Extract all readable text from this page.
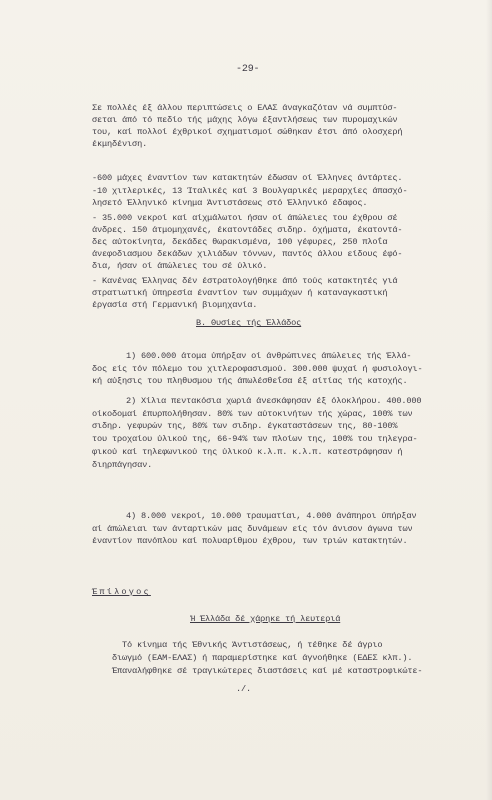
-29-
Σε πολλές έξ άλλου περιπτώσεις ο ΕΛΑΣ άναγκαζόταν νά συμπτύσ-
σεται άπό τό πεδίο τής μάχης λόγω έξαντλήσεως των πυρομαχικών
του, καί πολλοί έχθρικοί σχηματισμοί σώθηκαν έτσι άπό ολοσχερή
έκμηδένιση.
-600 μάχες έναντίον των κατακτητών έδωσαν οί Έλληνες άντάρτες.
-10 χιτλερικές, 13 Ίταλικές καί 3 Βουλγαρικές μεραρχίες άπασχό-
λησετό Έλληνικό κίνημα Άντιστάσεως στό Έλληνικό έδαφος.
- 35.000 νεκροί καί αίχμάλωτοι ήσαν οί άπώλειες του έχθρου σέ
άνδρες. 150 άτμομηχανές, έκατοντάδες σιδηρ. όχήματα, έκατοντά-
δες αύτοκίνητα, δεκάδες θωρακισμένα, 100 γέφυρες, 250 πλοΐα
άνεφοδιασμου δεκάδων χιλιάδων τόννων, παντός άλλου είδους έφό-
δια, ήσαν οί άπώλειες του σέ ύλικό.
- Κανένας Έλληνας δέν έστρατολογήθηκε άπό τούς κατακτητές γιά
στρατιωτική ύπηρεσία έναντίον των συμμάχων ή καταναγκαστική
έργασία στή Γερμανική βιομηχανία.
Β. Θυσίες τής Έλλάδος
1) 600.000 άτομα ύπήρξαν οί άνθρώπινες άπώλειες τής Έλλά-
δος είς τόν πόλεμο του χιτλεροφασισμού. 300.000 ψυχαί ή φυσιολογι-
κή αύξησις του πληθυσμου τής άπωλέσθεΐσα έξ αίτίας τής κατοχής.
2) Χίλια πεντακόσια χωριά άνεσκάφησαν έξ όλοκλήρου. 400.000
οίκοδομαί έπυρπολήθησαν. 80% των αύτοκινήτων τής χώρας, 100% των
σιδηρ. γεφυρών της, 80% των σιδηρ. έγκαταστάσεων της, 80-100%
του τροχαίου ύλικού της, 66-94% των πλοίων της, 100% του τηλεγρα-
φικού καί τηλεφωνικού της ύλικού κ.λ.π. κ.λ.π. κατεστράφησαν ή
διηρπάγησαν.
4) 8.000 νεκροί, 10.000 τραυματίαι, 4.000 άνάπηροι ύπήρξαν
αί άπώλειαι των άνταρτικών μας δυνάμεων είς τόν άνισον άγωνα των
έναντίον πανόπλου καί πολυαρίθμου έχθρου, των τριών κατακτητών.
Έπίλογος
Ή Έλλάδα δέ χάρηκε τή λευτεριά
Τό κίνημα τής Έθνικής Άντιστάσεως, ή τέθηκε δέ άγριο
διωγμό (ΕΑΜ-ΕΛΑΣ) ή παραμερίστηκε καί άγνοήθηκε (ΕΔΕΣ κλπ.).
Έπαναλήφθηκε σέ τραγικώτερες διαστάσεις καί μέ καταστροφικώτε-
./.
